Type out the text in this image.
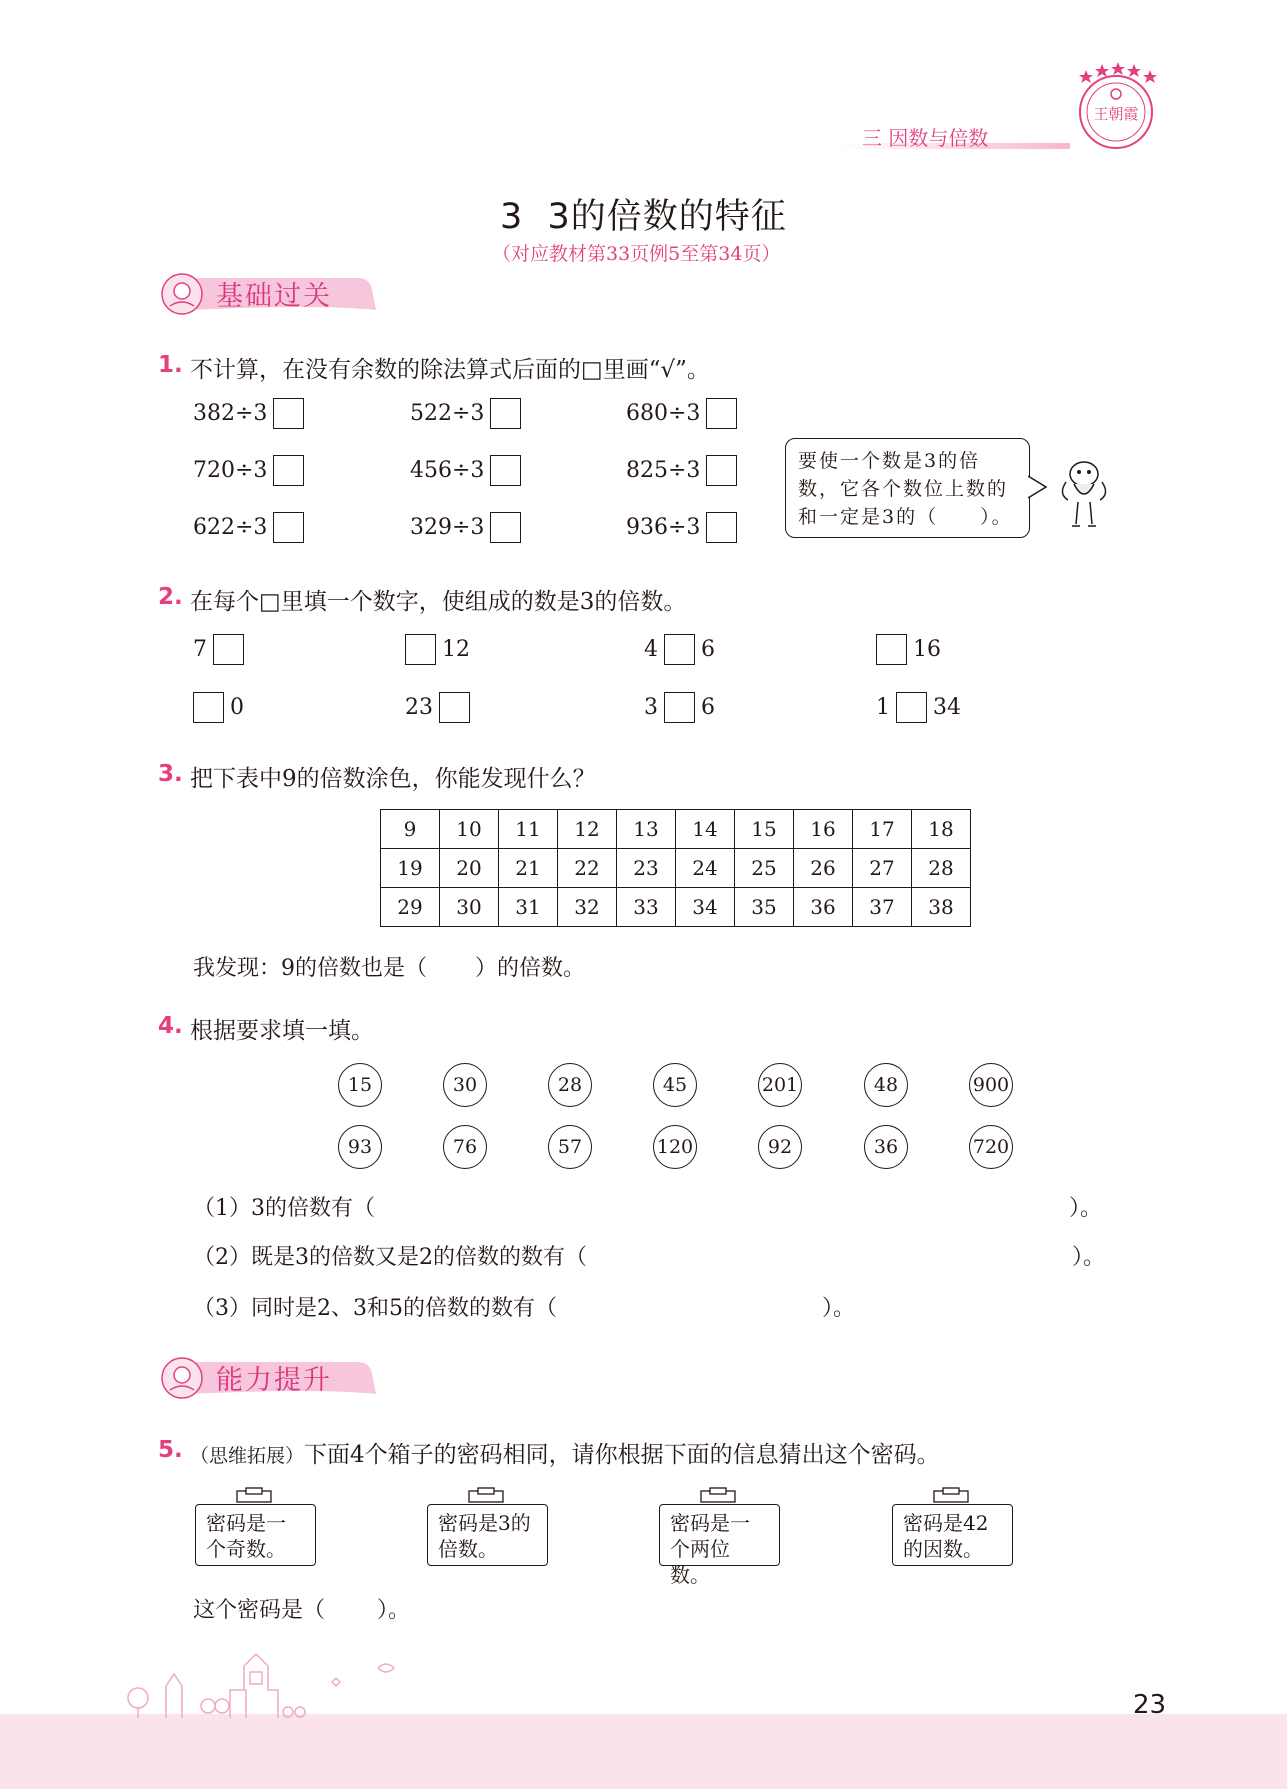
三 因数与倍数
王朝霞
3  3的倍数的特征
（对应教材第33页例5至第34页）
基础过关
1. 不计算，在没有余数的除法算式后面的□里画“√”。
382÷3	522÷3	680÷3
720÷3	456÷3	825÷3
622÷3	329÷3	936÷3
要使一个数是3的倍数，它各个数位上数的和一定是3的（　　）。
2. 在每个□里填一个数字，使组成的数是3的倍数。
7	12	4 6	16
0	23	3 6	1 34
3. 把下表中9的倍数涂色，你能发现什么？
9	10	11	12	13	14	15	16	17	18
19	20	21	22	23	24	25	26	27	28
29	30	31	32	33	34	35	36	37	38
我发现：9的倍数也是（ ）的倍数。
4. 根据要求填一填。
15	30	28	45	201	48	900
93	76	57	120	92	36	720
（1）3的倍数有（	）。
（2）既是3的倍数又是2的倍数的数有（	）。
（3）同时是2、3和5的倍数的数有（	）。
能力提升
5. （思维拓展）下面4个箱子的密码相同，请你根据下面的信息猜出这个密码。
密码是一个奇数。
密码是3的倍数。
密码是一个两位数。
密码是42的因数。
这个密码是（ ）。
23
